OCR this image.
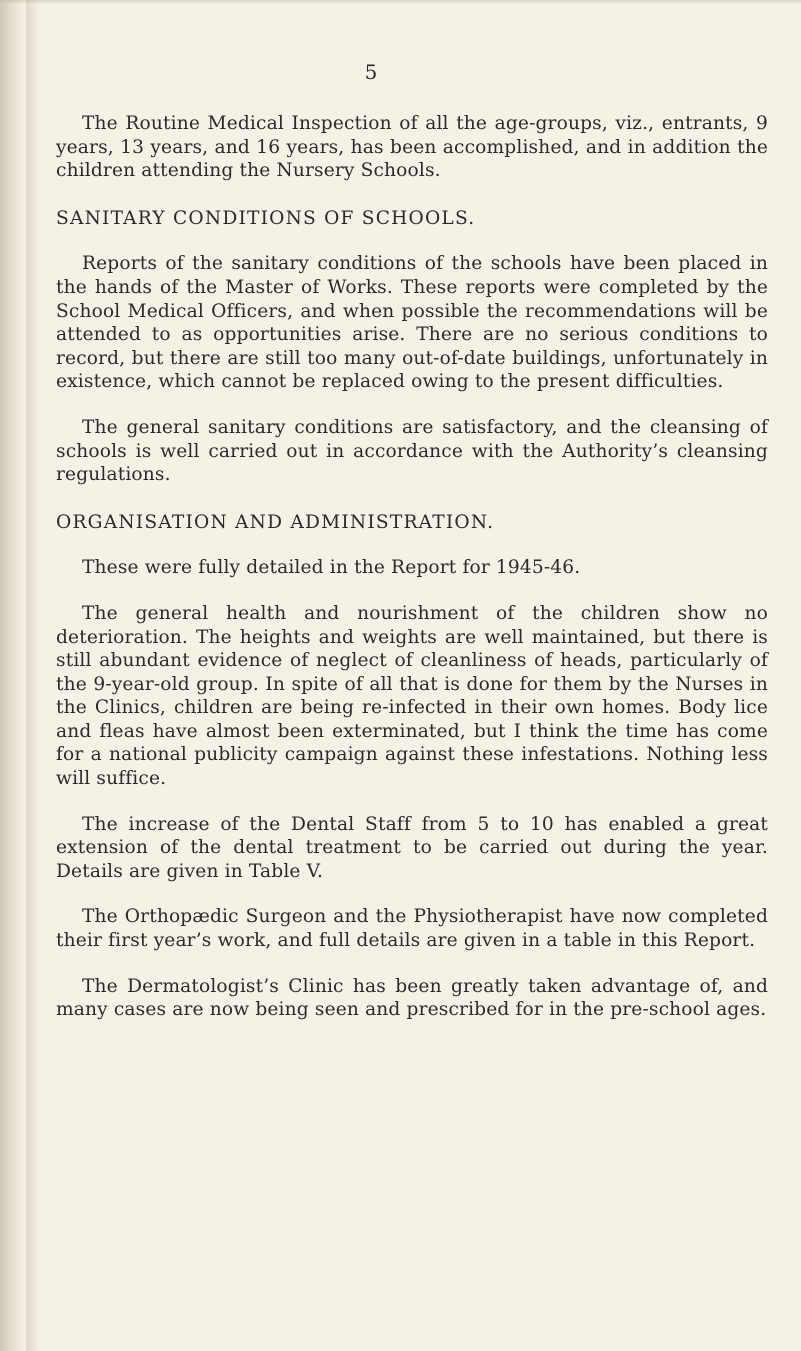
5

The Routine Medical Inspection of all the age-groups, viz., entrants, 9 years, 13 years, and 16 years, has been accomplished, and in addition the children attending the Nursery Schools.

SANITARY CONDITIONS OF SCHOOLS.

Reports of the sanitary conditions of the schools have been placed in the hands of the Master of Works. These reports were completed by the School Medical Officers, and when possible the recommendations will be attended to as opportunities arise. There are no serious conditions to record, but there are still too many out-of-date buildings, unfortunately in existence, which cannot be replaced owing to the present difficulties.

The general sanitary conditions are satisfactory, and the cleansing of schools is well carried out in accordance with the Authority’s cleansing regulations.

ORGANISATION AND ADMINISTRATION.

These were fully detailed in the Report for 1945-46.

The general health and nourishment of the children show no deterioration. The heights and weights are well maintained, but there is still abundant evidence of neglect of cleanliness of heads, particularly of the 9-year-old group. In spite of all that is done for them by the Nurses in the Clinics, children are being re-infected in their own homes. Body lice and fleas have almost been exterminated, but I think the time has come for a national publicity campaign against these infestations. Nothing less will suffice.

The increase of the Dental Staff from 5 to 10 has enabled a great extension of the dental treatment to be carried out during the year. Details are given in Table V.

The Orthopædic Surgeon and the Physiotherapist have now completed their first year’s work, and full details are given in a table in this Report.

The Dermatologist’s Clinic has been greatly taken advantage of, and many cases are now being seen and prescribed for in the pre-school ages.
